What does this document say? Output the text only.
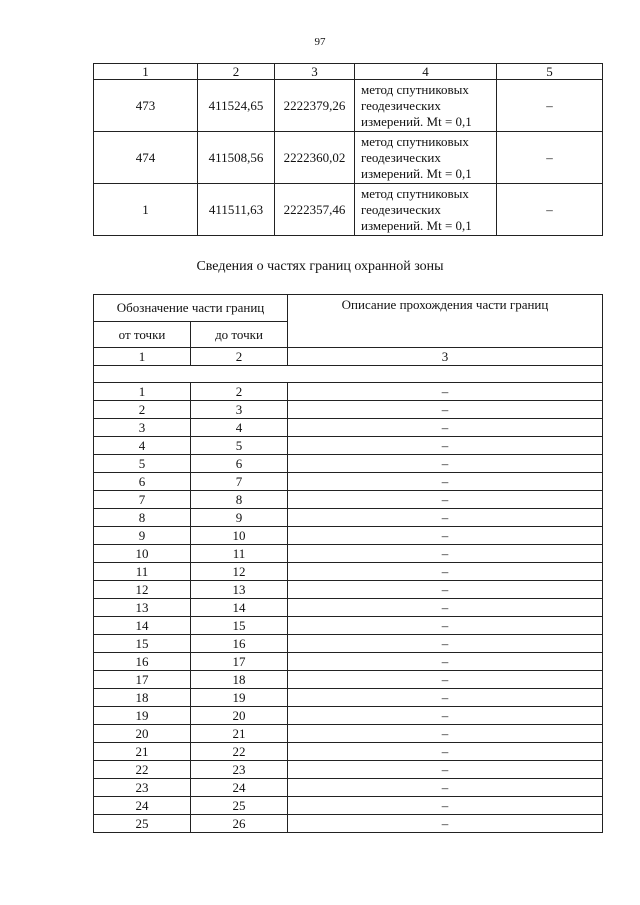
97
1	2	3	4	5
473	411524,65	2222379,26	метод спутниковых
геодезических
измерений. Mt = 0,1	–
474	411508,56	2222360,02	метод спутниковых
геодезических
измерений. Mt = 0,1	–
1	411511,63	2222357,46	метод спутниковых
геодезических
измерений. Mt = 0,1	–
Сведения о частях границ охранной зоны
Обозначение части границ		Описание прохождения части границ
от точки	до точки	
1	2	3

1	2	–
2	3	–
3	4	–
4	5	–
5	6	–
6	7	–
7	8	–
8	9	–
9	10	–
10	11	–
11	12	–
12	13	–
13	14	–
14	15	–
15	16	–
16	17	–
17	18	–
18	19	–
19	20	–
20	21	–
21	22	–
22	23	–
23	24	–
24	25	–
25	26	–
